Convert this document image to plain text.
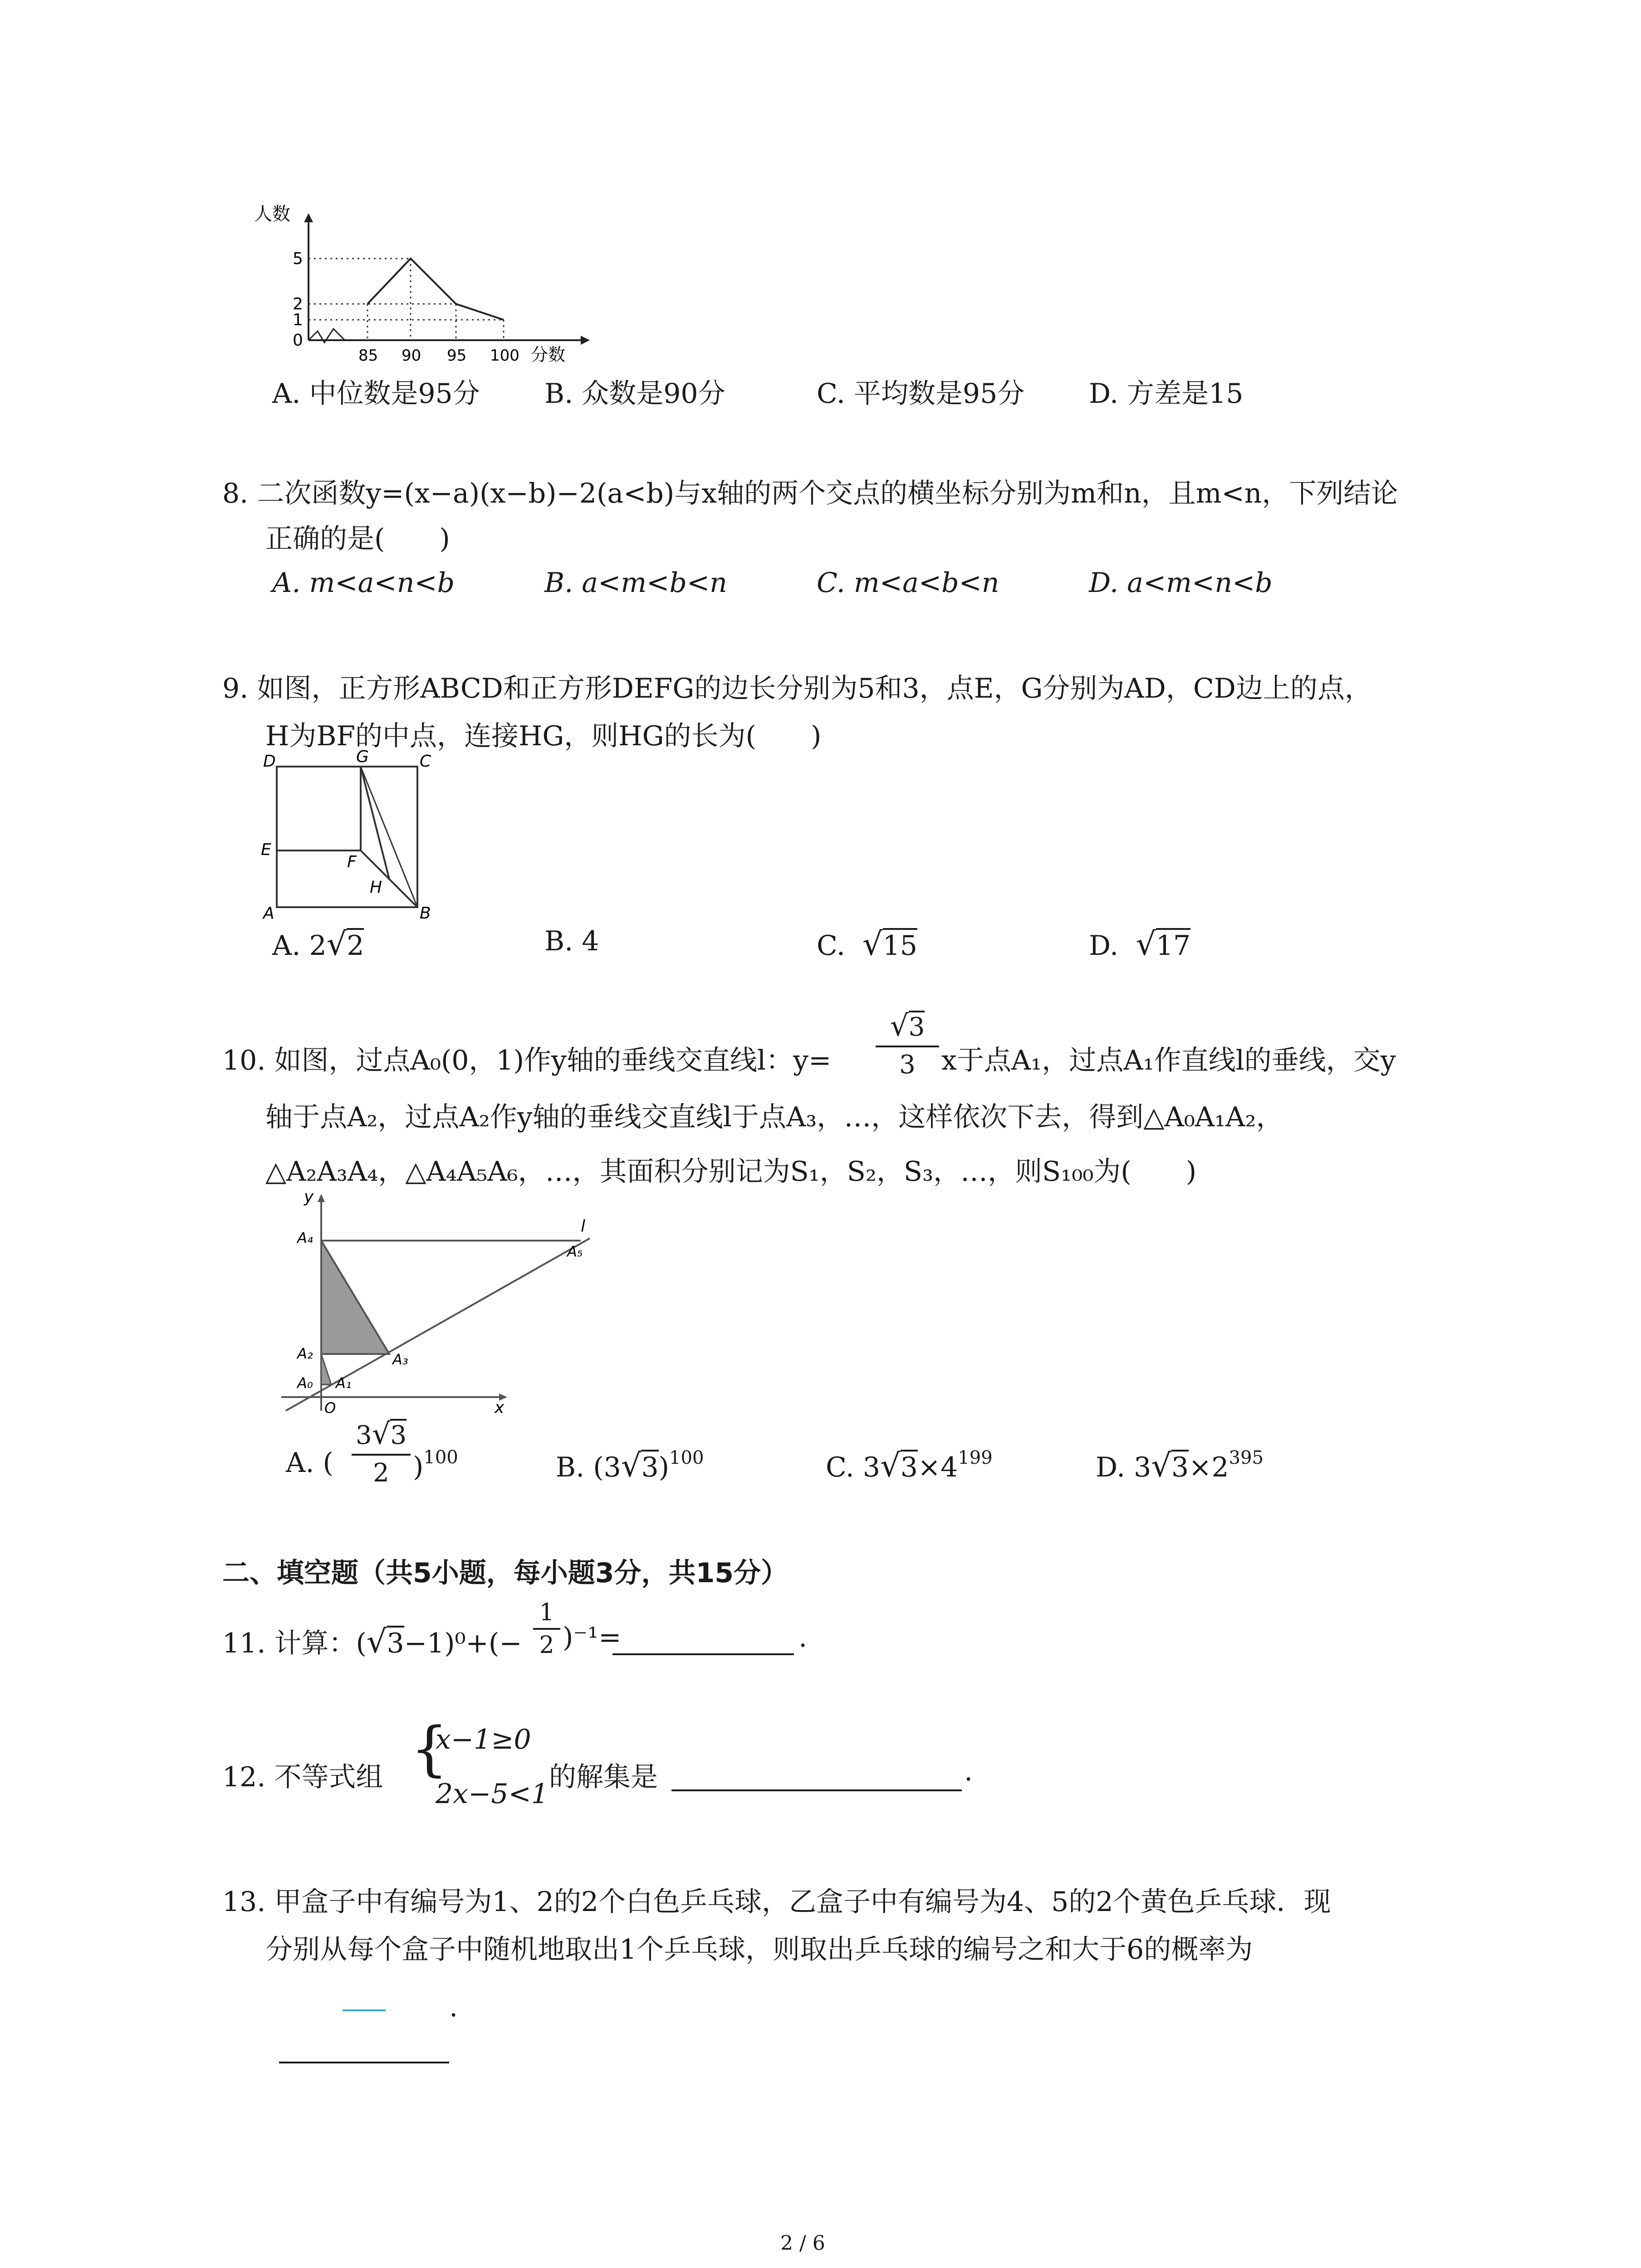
人数
5
2
1
0
85 90 95 100 分数
A. 中位数是95分 B. 众数是90分	C. 平均数是95分 D. 方差是15
8. 二次函数y=(x−a)(x−b)−2(a<b)与x轴的两个交点的横坐标分别为m和n，且m<n，下列结论
正确的是(　　)
A. m<a<n<b	B. a<m<b<n	C. m<a<b<n	D. a<m<n<b
9. 如图，正方形ABCD和正方形DEFG的边长分别为5和3，点E，G分别为AD，CD边上的点，
H为BF的中点，连接HG，则HG的长为(　　)
D	G	C
E
F
H
A	B
A. 2√2	B. 4	C. √15	D. √17
10. 如图，过点A₀(0，1)作y轴的垂线交直线l：$y= \frac{√3}{3}$ x于点A₁，过点A₁作直线l的垂线，交y
轴于点A₂，过点A₂作y轴的垂线交直线l于点A₃，…，这样依次下去，得到△A₀A₁A₂，
△A₂A₃A₄，△A₄A₅A₆，…，其面积分别记为S₁，S₂，S₃，…，则S₁₀₀为(　　)
y
l
A₄
A₅
A₂	A₃
A₀ A₁
O	x
A. ( $\frac{3√3}{2} )^{100}$	B. $(3√3)^{100}$	C. $3√3\times 4^{199}$	D. $3√3\times 2^{395}$
二、填空题（共5小题，每小题3分，共15分）
11. 计算：$(√3-1)^0+(- \frac{1}{2} )^{-1}=$	.
12. 不等式组 {
x−1≥0
2x−5<1
的解集是	.
13. 甲盒子中有编号为1、2的2个白色乒乓球，乙盒子中有编号为4、5的2个黄色乒乓球．现
分别从每个盒子中随机地取出1个乒乓球，则取出乒乓球的编号之和大于6的概率为
.
2 / 6
